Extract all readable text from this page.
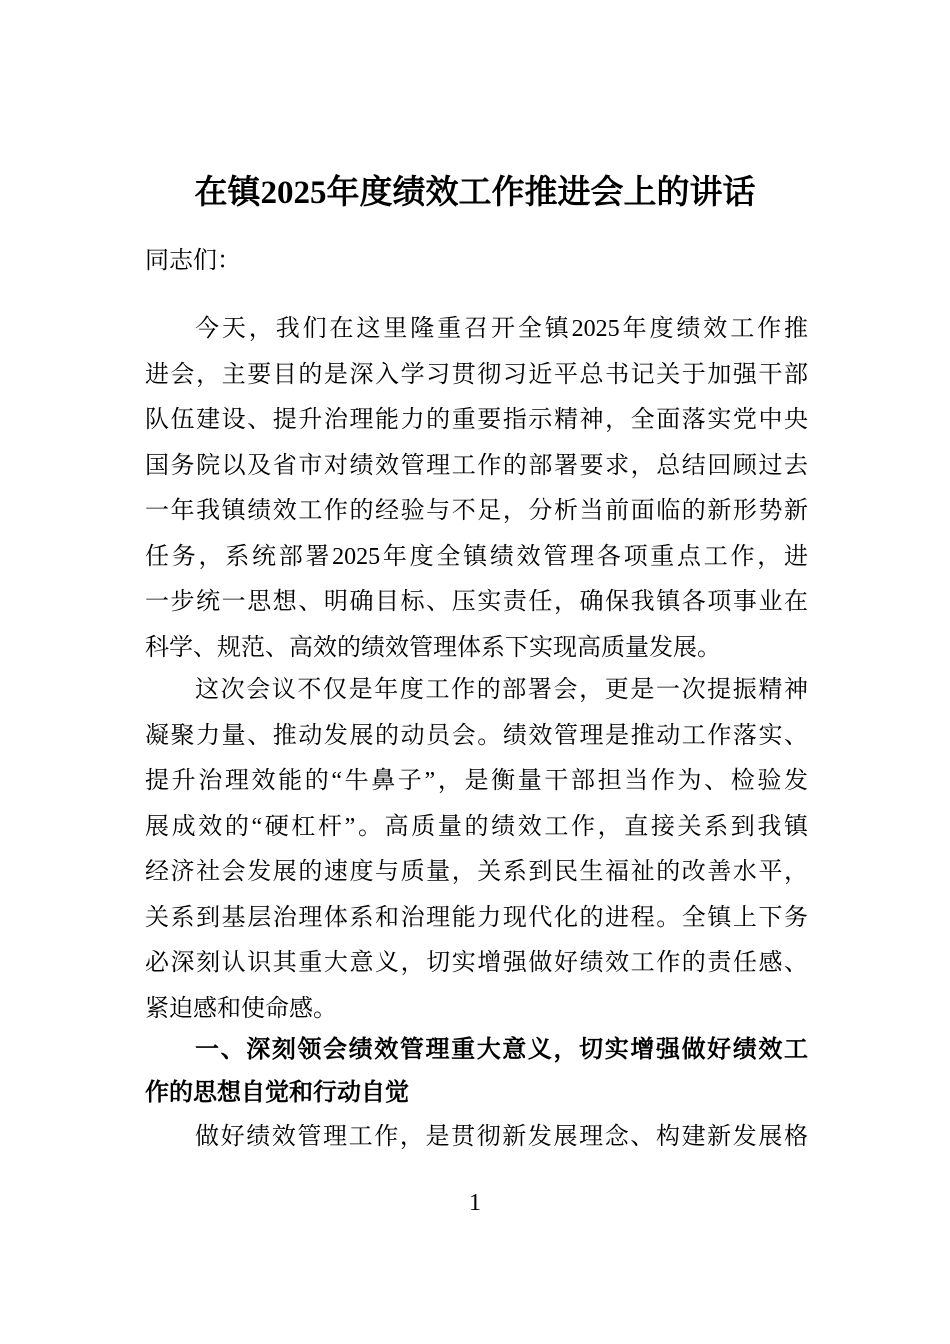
在镇2025年度绩效工作推进会上的讲话
同志们：
今天，我们在这里隆重召开全镇2025年度绩效工作推
进会，主要目的是深入学习贯彻习近平总书记关于加强干部
队伍建设、提升治理能力的重要指示精神，全面落实党中央
国务院以及省市对绩效管理工作的部署要求，总结回顾过去
一年我镇绩效工作的经验与不足，分析当前面临的新形势新
任务，系统部署2025年度全镇绩效管理各项重点工作，进
一步统一思想、明确目标、压实责任，确保我镇各项事业在
科学、规范、高效的绩效管理体系下实现高质量发展。
这次会议不仅是年度工作的部署会，更是一次提振精神
凝聚力量、推动发展的动员会。绩效管理是推动工作落实、
提升治理效能的“牛鼻子”，是衡量干部担当作为、检验发
展成效的“硬杠杆”。高质量的绩效工作，直接关系到我镇
经济社会发展的速度与质量，关系到民生福祉的改善水平，
关系到基层治理体系和治理能力现代化的进程。全镇上下务
必深刻认识其重大意义，切实增强做好绩效工作的责任感、
紧迫感和使命感。
一、深刻领会绩效管理重大意义，切实增强做好绩效工
作的思想自觉和行动自觉
做好绩效管理工作，是贯彻新发展理念、构建新发展格
1
